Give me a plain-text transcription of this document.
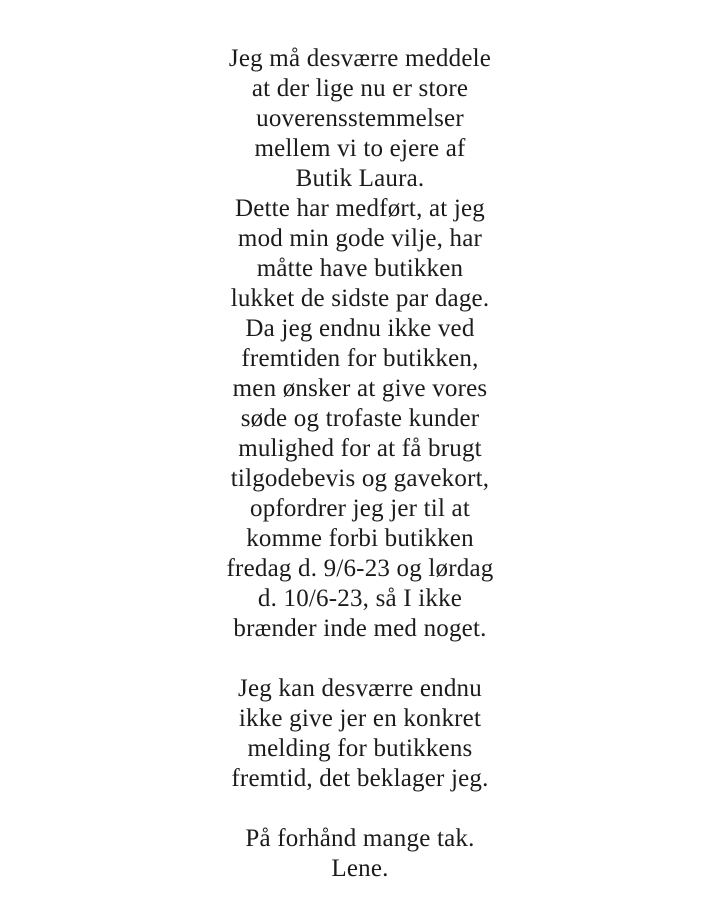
Jeg må desværre meddele
at der lige nu er store
uoverensstemmelser
mellem vi to ejere af
Butik Laura.
Dette har medført, at jeg
mod min gode vilje, har
måtte have butikken
lukket de sidste par dage.
Da jeg endnu ikke ved
fremtiden for butikken,
men ønsker at give vores
søde og trofaste kunder
mulighed for at få brugt
tilgodebevis og gavekort,
opfordrer jeg jer til at
komme forbi butikken
fredag d. 9/6-23 og lørdag
d. 10/6-23, så I ikke
brænder inde med noget.
Jeg kan desværre endnu
ikke give jer en konkret
melding for butikkens
fremtid, det beklager jeg.
På forhånd mange tak.
Lene.
